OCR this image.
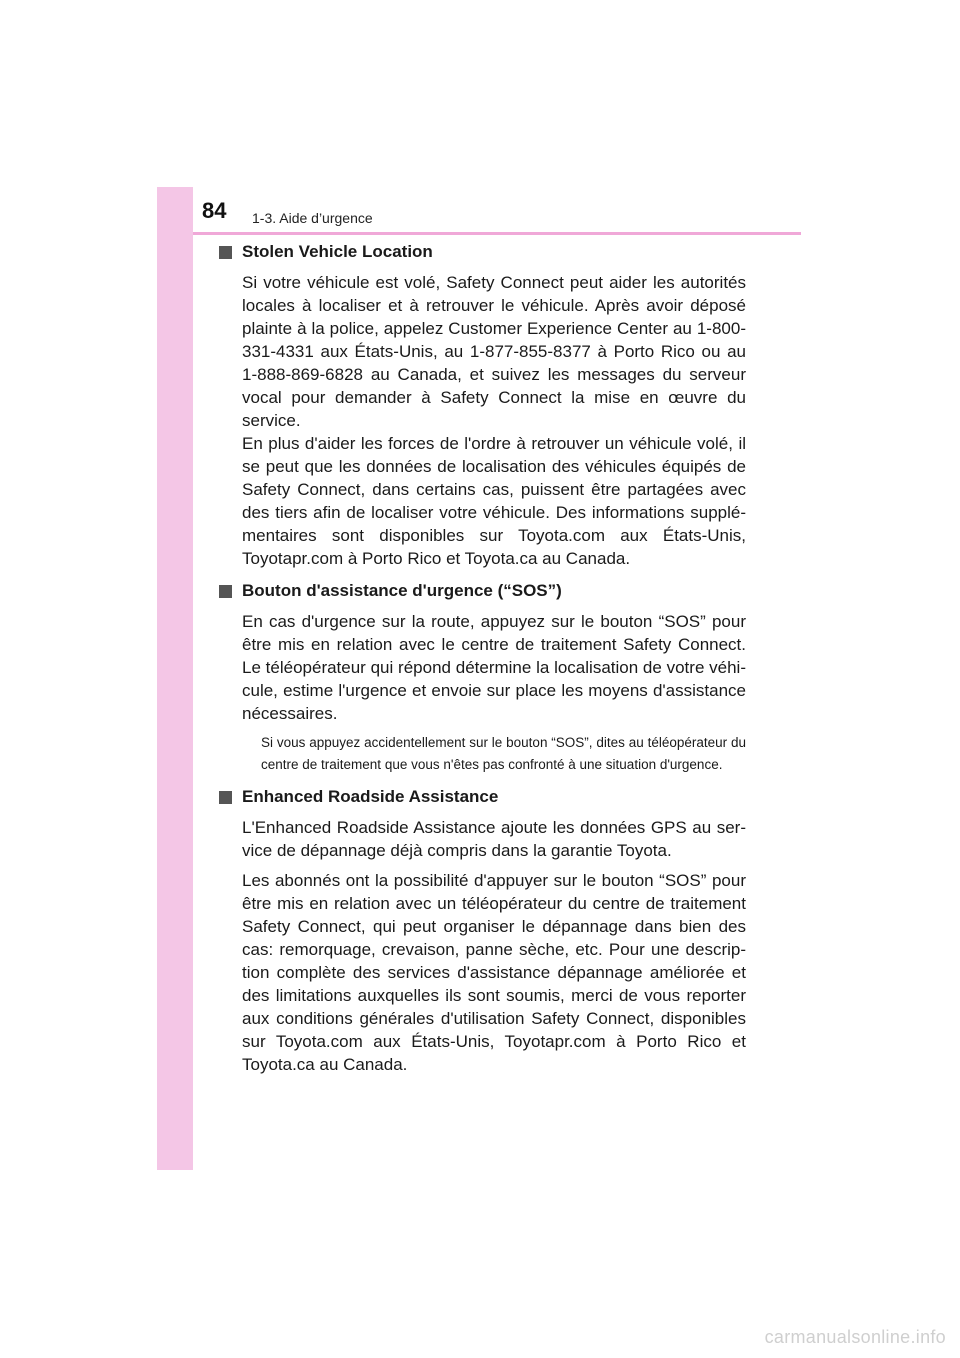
84 1-3. Aide d’urgence
Stolen Vehicle Location

Si votre véhicule est volé, Safety Connect peut aider les autorités locales à localiser et à retrouver le véhicule. Après avoir déposé plainte à la police, appelez Customer Experience Center au 1-800-331-4331 aux États-Unis, au 1-877-855-8377 à Porto Rico ou au 1-888-869-6828 au Canada, et suivez les messages du serveur vocal pour demander à Safety Connect la mise en œuvre du service.

En plus d'aider les forces de l'ordre à retrouver un véhicule volé, il se peut que les données de localisation des véhicules équipés de Safety Connect, dans certains cas, puissent être partagées avec des tiers afin de localiser votre véhicule. Des informations supplé-mentaires sont disponibles sur Toyota.com aux États-Unis, Toyotapr.com à Porto Rico et Toyota.ca au Canada.

Bouton d'assistance d'urgence (“SOS”)

En cas d'urgence sur la route, appuyez sur le bouton “SOS” pour être mis en relation avec le centre de traitement Safety Connect. Le téléopérateur qui répond détermine la localisation de votre véhi-cule, estime l'urgence et envoie sur place les moyens d'assistance nécessaires.

Si vous appuyez accidentellement sur le bouton “SOS”, dites au téléopérateur du centre de traitement que vous n'êtes pas confronté à une situation d'urgence.

Enhanced Roadside Assistance

L'Enhanced Roadside Assistance ajoute les données GPS au ser-vice de dépannage déjà compris dans la garantie Toyota.

Les abonnés ont la possibilité d'appuyer sur le bouton “SOS” pour être mis en relation avec un téléopérateur du centre de traitement Safety Connect, qui peut organiser le dépannage dans bien des cas: remorquage, crevaison, panne sèche, etc. Pour une descrip-tion complète des services d'assistance dépannage améliorée et des limitations auxquelles ils sont soumis, merci de vous reporter aux conditions générales d'utilisation Safety Connect, disponibles sur Toyota.com aux États-Unis, Toyotapr.com à Porto Rico et Toyota.ca au Canada.

carmanualsonline.info
